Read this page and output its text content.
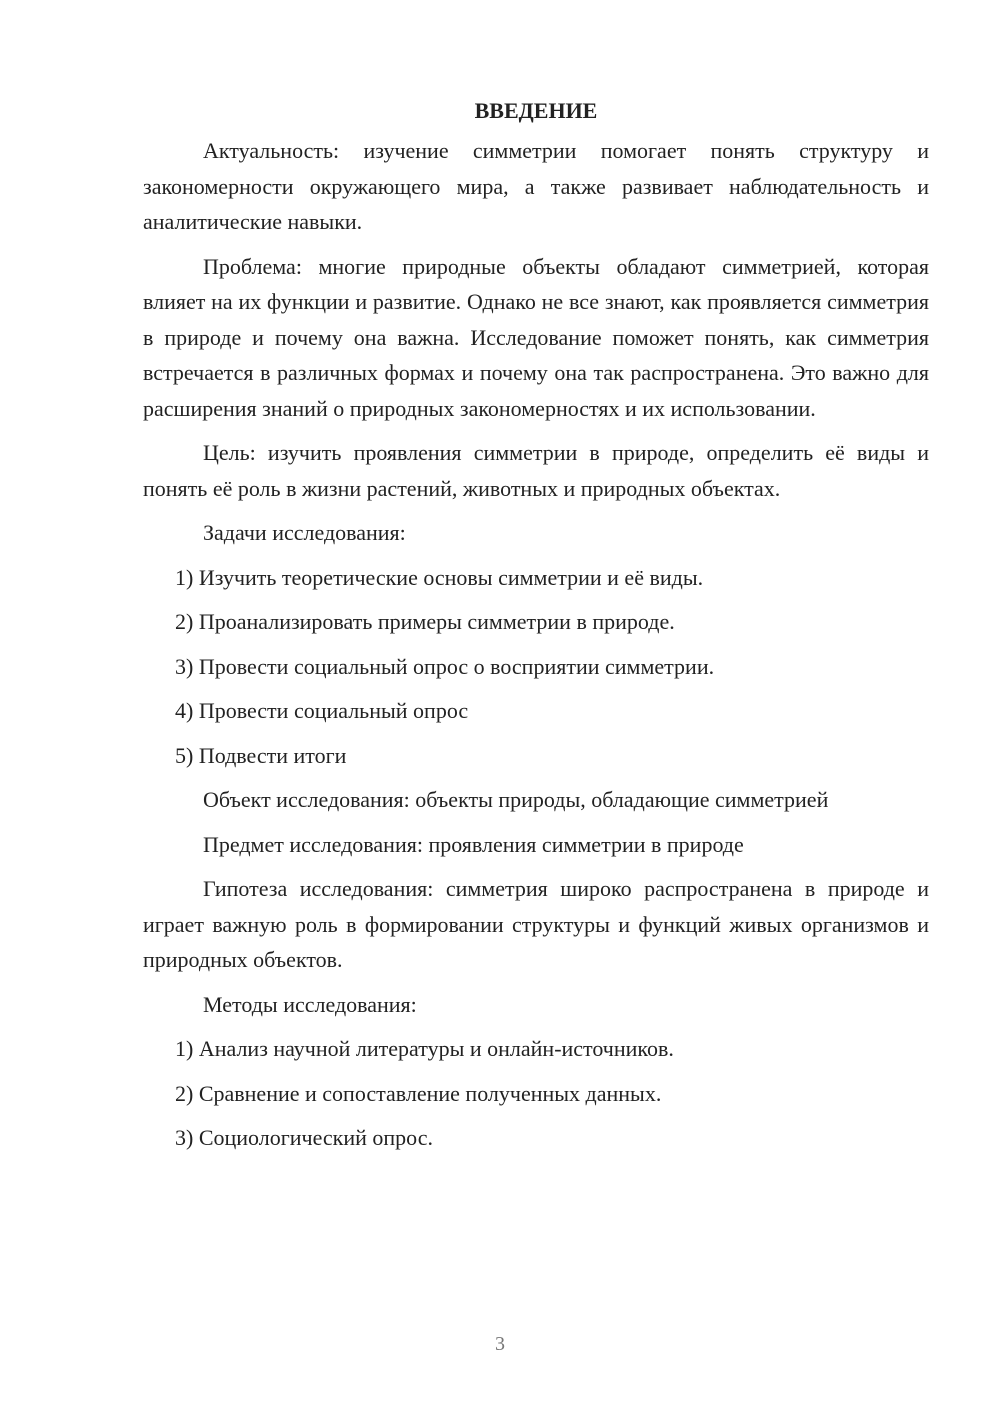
ВВЕДЕНИЕ

Актуальность: изучение симметрии помогает понять структуру и закономерности окружающего мира, а также развивает наблюдательность и аналитические навыки.

Проблема: многие природные объекты обладают симметрией, которая влияет на их функции и развитие. Однако не все знают, как проявляется симметрия в природе и почему она важна. Исследование поможет понять, как симметрия встречается в различных формах и почему она так распространена. Это важно для расширения знаний о природных закономерностях и их использовании.

Цель: изучить проявления симметрии в природе, определить её виды и понять её роль в жизни растений, животных и природных объектах.

Задачи исследования:

1) Изучить теоретические основы симметрии и её виды.

2) Проанализировать примеры симметрии в природе.

3) Провести социальный опрос о восприятии симметрии.

4) Провести социальный опрос

5) Подвести итоги

Объект исследования: объекты природы, обладающие симметрией

Предмет исследования: проявления симметрии в природе

Гипотеза исследования: симметрия широко распространена в природе и играет важную роль в формировании структуры и функций живых организмов и природных объектов.

Методы исследования:

1) Анализ научной литературы и онлайн-источников.

2) Сравнение и сопоставление полученных данных.

3) Социологический опрос.

3
